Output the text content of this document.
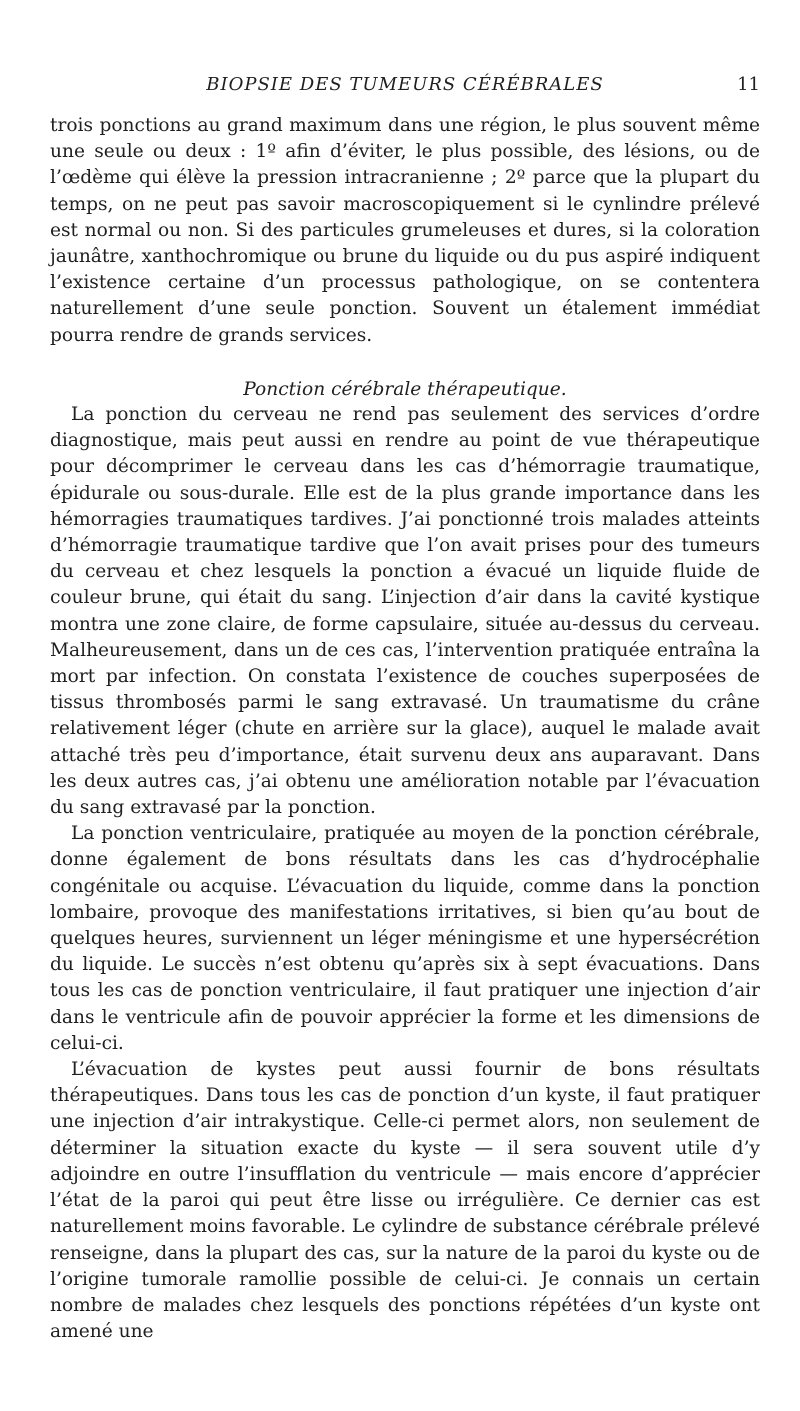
BIOPSIE DES TUMEURS CÉRÉBRALES	11

trois ponctions au grand maximum dans une région, le plus souvent même une seule ou deux : 1º afin d’éviter, le plus possible, des lésions, ou de l’œdème qui élève la pression intracranienne ; 2º parce que la plupart du temps, on ne peut pas savoir macroscopiquement si le cynlindre prélevé est normal ou non. Si des particules grumeleuses et dures, si la coloration jaunâtre, xanthochromique ou brune du liquide ou du pus aspiré indiquent l’existence certaine d’un processus pathologique, on se contentera naturellement d’une seule ponction. Souvent un étalement immédiat pourra rendre de grands services.

Ponction cérébrale thérapeutique.

La ponction du cerveau ne rend pas seulement des services d’ordre diagnostique, mais peut aussi en rendre au point de vue thérapeutique pour décomprimer le cerveau dans les cas d’hémorragie traumatique, épidurale ou sous-durale. Elle est de la plus grande importance dans les hémorragies traumatiques tardives. J’ai ponctionné trois malades atteints d’hémorragie traumatique tardive que l’on avait prises pour des tumeurs du cerveau et chez lesquels la ponction a évacué un liquide fluide de couleur brune, qui était du sang. L’injection d’air dans la cavité kystique montra une zone claire, de forme capsulaire, située au-dessus du cerveau. Malheureusement, dans un de ces cas, l’intervention pratiquée entraîna la mort par infection. On constata l’existence de couches superposées de tissus thrombosés parmi le sang extravasé. Un traumatisme du crâne relativement léger (chute en arrière sur la glace), auquel le malade avait attaché très peu d’importance, était survenu deux ans auparavant. Dans les deux autres cas, j’ai obtenu une amélioration notable par l’évacuation du sang extravasé par la ponction.

La ponction ventriculaire, pratiquée au moyen de la ponction cérébrale, donne également de bons résultats dans les cas d’hydrocéphalie congénitale ou acquise. L’évacuation du liquide, comme dans la ponction lombaire, provoque des manifestations irritatives, si bien qu’au bout de quelques heures, surviennent un léger méningisme et une hypersécrétion du liquide. Le succès n’est obtenu qu’après six à sept évacuations. Dans tous les cas de ponction ventriculaire, il faut pratiquer une injection d’air dans le ventricule afin de pouvoir apprécier la forme et les dimensions de celui-ci.

L’évacuation de kystes peut aussi fournir de bons résultats thérapeutiques. Dans tous les cas de ponction d’un kyste, il faut pratiquer une injection d’air intrakystique. Celle-ci permet alors, non seulement de déterminer la situation exacte du kyste — il sera souvent utile d’y adjoindre en outre l’insufflation du ventricule — mais encore d’apprécier l’état de la paroi qui peut être lisse ou irrégulière. Ce dernier cas est naturellement moins favorable. Le cylindre de substance cérébrale prélevé renseigne, dans la plupart des cas, sur la nature de la paroi du kyste ou de l’origine tumorale ramollie possible de celui-ci. Je connais un certain nombre de malades chez lesquels des ponctions répétées d’un kyste ont amené une
